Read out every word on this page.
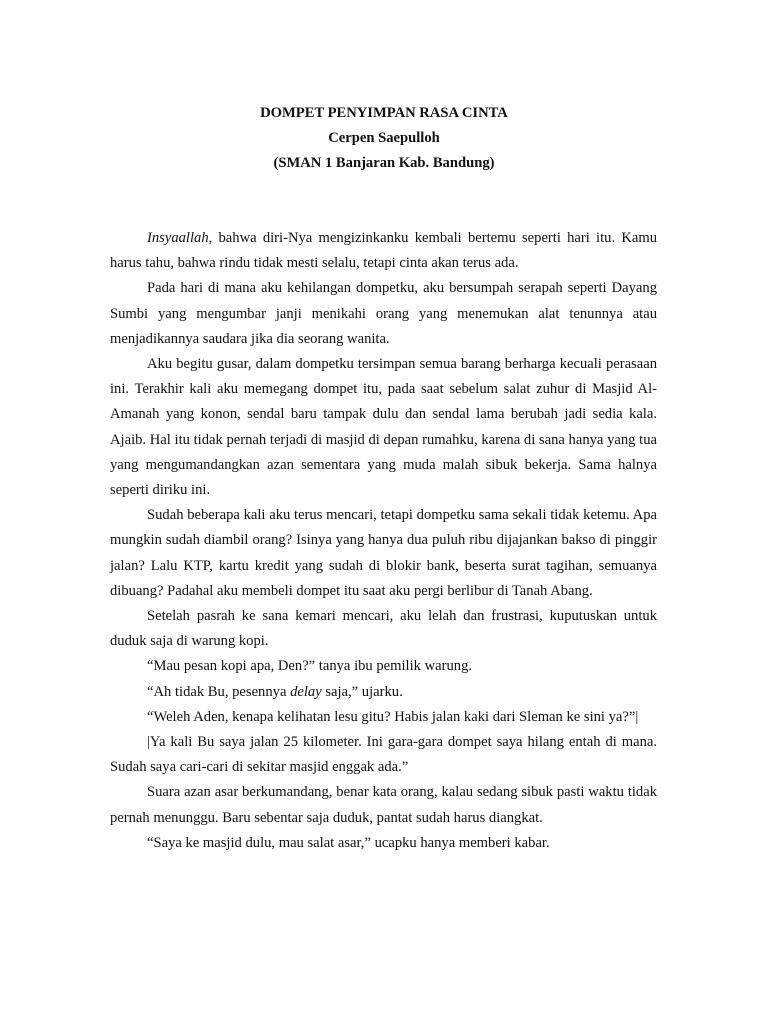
DOMPET PENYIMPAN RASA CINTA
Cerpen Saepulloh
(SMAN 1 Banjaran Kab. Bandung)

Insyaallah, bahwa diri-Nya mengizinkanku kembali bertemu seperti hari itu. Kamu harus tahu, bahwa rindu tidak mesti selalu, tetapi cinta akan terus ada.

Pada hari di mana aku kehilangan dompetku, aku bersumpah serapah seperti Dayang Sumbi yang mengumbar janji menikahi orang yang menemukan alat tenunnya atau menjadikannya saudara jika dia seorang wanita.

Aku begitu gusar, dalam dompetku tersimpan semua barang berharga kecuali perasaan ini. Terakhir kali aku memegang dompet itu, pada saat sebelum salat zuhur di Masjid Al-Amanah yang konon, sendal baru tampak dulu dan sendal lama berubah jadi sedia kala. Ajaib. Hal itu tidak pernah terjadi di masjid di depan rumahku, karena di sana hanya yang tua yang mengumandangkan azan sementara yang muda malah sibuk bekerja. Sama halnya seperti diriku ini.

Sudah beberapa kali aku terus mencari, tetapi dompetku sama sekali tidak ketemu. Apa mungkin sudah diambil orang? Isinya yang hanya dua puluh ribu dijajankan bakso di pinggir jalan? Lalu KTP, kartu kredit yang sudah di blokir bank, beserta surat tagihan, semuanya dibuang? Padahal aku membeli dompet itu saat aku pergi berlibur di Tanah Abang.

Setelah pasrah ke sana kemari mencari, aku lelah dan frustrasi, kuputuskan untuk duduk saja di warung kopi.

“Mau pesan kopi apa, Den?” tanya ibu pemilik warung.

“Ah tidak Bu, pesennya delay saja,” ujarku.

“Weleh Aden, kenapa kelihatan lesu gitu? Habis jalan kaki dari Sleman ke sini ya?”|

|Ya kali Bu saya jalan 25 kilometer. Ini gara-gara dompet saya hilang entah di mana. Sudah saya cari-cari di sekitar masjid enggak ada.”

Suara azan asar berkumandang, benar kata orang, kalau sedang sibuk pasti waktu tidak pernah menunggu. Baru sebentar saja duduk, pantat sudah harus diangkat.

“Saya ke masjid dulu, mau salat asar,” ucapku hanya memberi kabar.
